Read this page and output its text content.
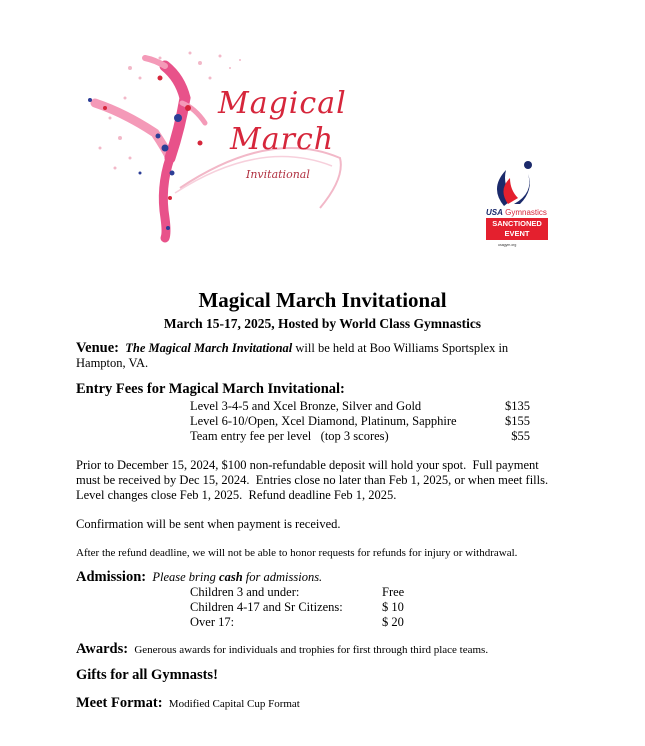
Magical
March
Invitational
USA Gymnastics
SANCTIONED
EVENT
usagym.org
Magical March Invitational
March 15-17, 2025, Hosted by World Class Gymnastics
Venue: The Magical March Invitational will be held at Boo Williams Sportsplex in
Hampton, VA.
Entry Fees for Magical March Invitational:
Level 3-4-5 and Xcel Bronze, Silver and Gold	$135
Level 6-10/Open, Xcel Diamond, Platinum, Sapphire	$155
Team entry fee per level   (top 3 scores)	$55
Prior to December 15, 2024, $100 non-refundable deposit will hold your spot.  Full payment
must be received by Dec 15, 2024.  Entries close no later than Feb 1, 2025, or when meet fills.
Level changes close Feb 1, 2025.  Refund deadline Feb 1, 2025.
Confirmation will be sent when payment is received.
After the refund deadline, we will not be able to honor requests for refunds for injury or withdrawal.
Admission: Please bring cash for admissions.
Children 3 and under:	Free
Children 4-17 and Sr Citizens:	$ 10
Over 17:	$ 20
Awards: Generous awards for individuals and trophies for first through third place teams.
Gifts for all Gymnasts!
Meet Format: Modified Capital Cup Format
